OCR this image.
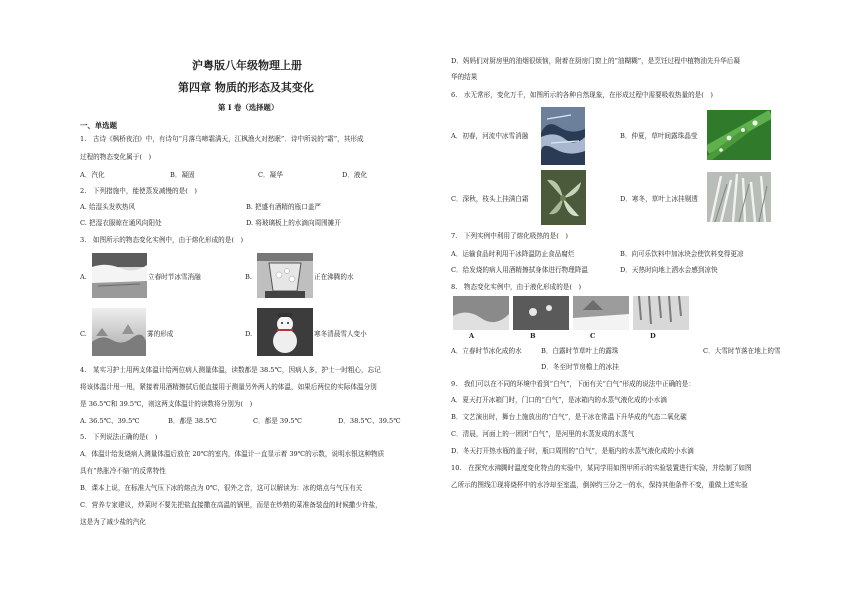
沪粤版八年级物理上册
第四章 物质的形态及其变化
第 I 卷（选择题）
一、单选题
1.　古诗《枫桥夜泊》中，有诗句“月落乌啼霜满天，江枫渔火对愁眠”．诗中所说的“霜”，其形成
过程的物态变化属于(　)
A．汽化	B．凝固	C．凝华	D．液化
2.　下列措施中，能使蒸发减慢的是(　)
A. 给湿头发吹热风	B. 把盛有酒精的瓶口盖严
C. 把湿衣服晾在通风向阳处	D. 将玻璃板上的水滴向周围摊开
3.　如图所示的物态变化实例中，由于熔化形成的是(　)
A.	立春时节冰雪消融	B.	正在沸腾的水
C.	雾的形成	D.	寒冬清晨雪人变小
4.　某实习护士用两支体温计给两位病人测量体温，读数都是 38.5℃，因病人多，护士一时粗心，忘记
将该体温计甩一甩，紧接着用酒精擦拭后便直接用于测量另外两人的体温，如果后两位的实际体温分别
是 36.5℃和 39.5℃，则这两支体温计的读数将分别为(　)
A. 36.5℃、39.5℃	B．都是 38.5℃	C．都是 39.5℃	D．38.5℃、39.5℃
5.　下列说法正确的是(　)
A．体温计给发烧病人测量体温后放在 20℃的室内，体温计一直显示着 39℃的示数，说明水银这种物质
具有“热胀冷不缩“的反常特性
B．课本上说，在标准大气压下冰的熔点为 0℃，很外之音，这可以解读为：冰的熔点与气压有关
C．营养专家建议，炒菜时不要先把盐直接撒在高温的锅里，而是在炒熟的菜准备装盘的时候撒少许盐，
这是为了减少盐的汽化
D．妈妈们对厨房里的油烟很烦恼，附着在厨房门窗上的“油糊糊”，是烹饪过程中植物油先升华后凝
华的结果
6.　水无常形，变化万千，如图所示的各种自然现象，在形成过程中需要吸收热量的是(　)
A．初春，河流中冰雪消融	B．仲夏，草叶间露珠晶莹
C．深秋，枝头上挂满白霜	D．寒冬，草叶上冰挂剔透
7.　下列实例中利用了熔化吸热的是(　)
A．运输食品时利用干冰降温防止食品腐烂	B．向可乐饮料中加冰块会使饮料变得更凉
C．给发烧的病人用酒精擦拭身体进行物理降温	D．天热时向地上洒水会感到凉快
8.　物态变化实例中，由于液化形成的是(　)
A	B	C	D
A．立春时节冰化成的水	B．白露时节草叶上的露珠	C．大雪时节落在地上的雪
D．冬至时节房檐上的冰挂
9.　我们可以在不同的环境中看到“白气”，下面有关“白气”形成的说法中正确的是：
A．夏天打开冰箱门时，门口的“白气”，是冰箱内的水蒸气液化成的小水滴
B．文艺演出时，舞台上施放出的“白气”，是干冰在常温下升华成的气态二氧化碳
C．清晨，河面上的一团团“白气”，是河里的水蒸发成的水蒸气
D．冬天打开热水瓶的盖子时，瓶口周围的“白气”，是瓶内的水蒸气液化成的小水滴
10.　在探究水沸腾时温度变化特点的实验中，某同学用如图甲所示的实验装置进行实验，并绘制了如图
乙所示的图线①现将烧杯中的水冷却至室温，倒掉约三分之一的水，保持其他条件不变，重做上述实验
